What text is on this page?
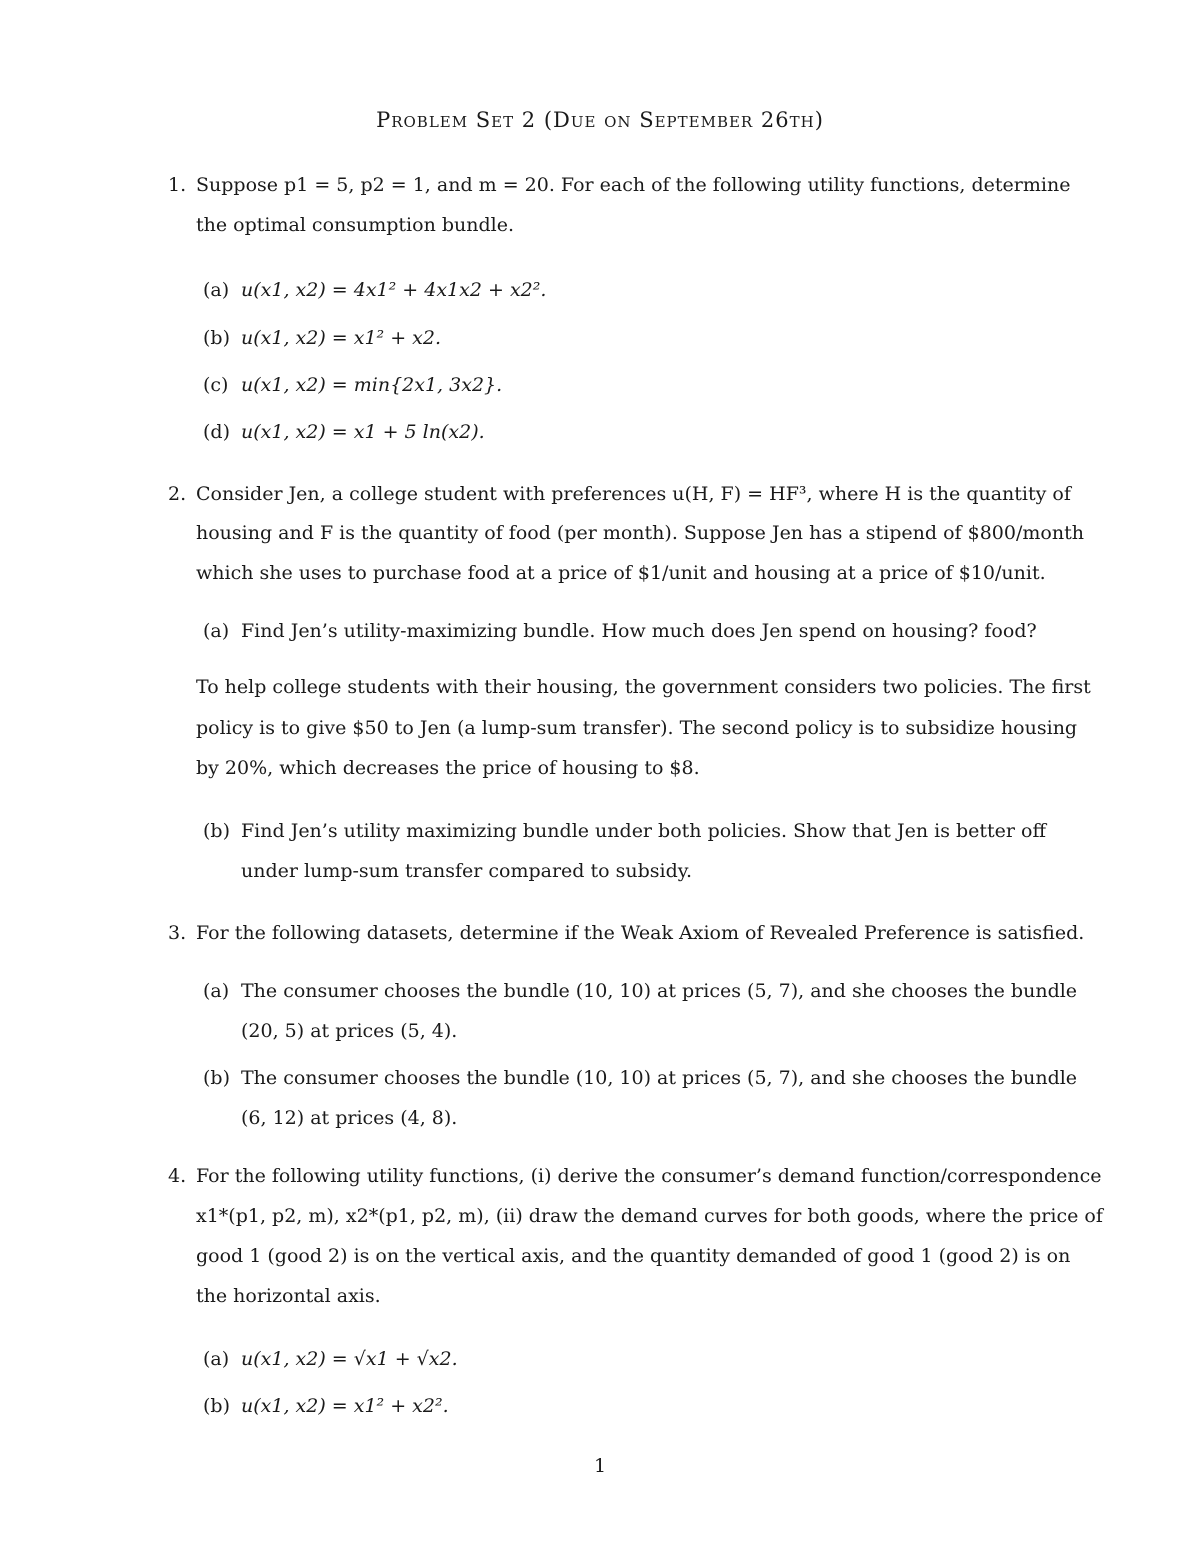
Problem Set 2 (Due on September 26th)
1. Suppose p1 = 5, p2 = 1, and m = 20. For each of the following utility functions, determine
the optimal consumption bundle.
(a) u(x1, x2) = 4x1² + 4x1x2 + x2².
(b) u(x1, x2) = x1² + x2.
(c) u(x1, x2) = min{2x1, 3x2}.
(d) u(x1, x2) = x1 + 5 ln(x2).
2. Consider Jen, a college student with preferences u(H, F) = HF³, where H is the quantity of
housing and F is the quantity of food (per month). Suppose Jen has a stipend of $800/month
which she uses to purchase food at a price of $1/unit and housing at a price of $10/unit.
(a) Find Jen’s utility-maximizing bundle. How much does Jen spend on housing? food?
To help college students with their housing, the government considers two policies. The first
policy is to give $50 to Jen (a lump-sum transfer). The second policy is to subsidize housing
by 20%, which decreases the price of housing to $8.
(b) Find Jen’s utility maximizing bundle under both policies. Show that Jen is better off
under lump-sum transfer compared to subsidy.
3. For the following datasets, determine if the Weak Axiom of Revealed Preference is satisfied.
(a) The consumer chooses the bundle (10, 10) at prices (5, 7), and she chooses the bundle
(20, 5) at prices (5, 4).
(b) The consumer chooses the bundle (10, 10) at prices (5, 7), and she chooses the bundle
(6, 12) at prices (4, 8).
4. For the following utility functions, (i) derive the consumer’s demand function/correspondence
x1*(p1, p2, m), x2*(p1, p2, m), (ii) draw the demand curves for both goods, where the price of
good 1 (good 2) is on the vertical axis, and the quantity demanded of good 1 (good 2) is on
the horizontal axis.
(a) u(x1, x2) = √x1 + √x2.
(b) u(x1, x2) = x1² + x2².
1
